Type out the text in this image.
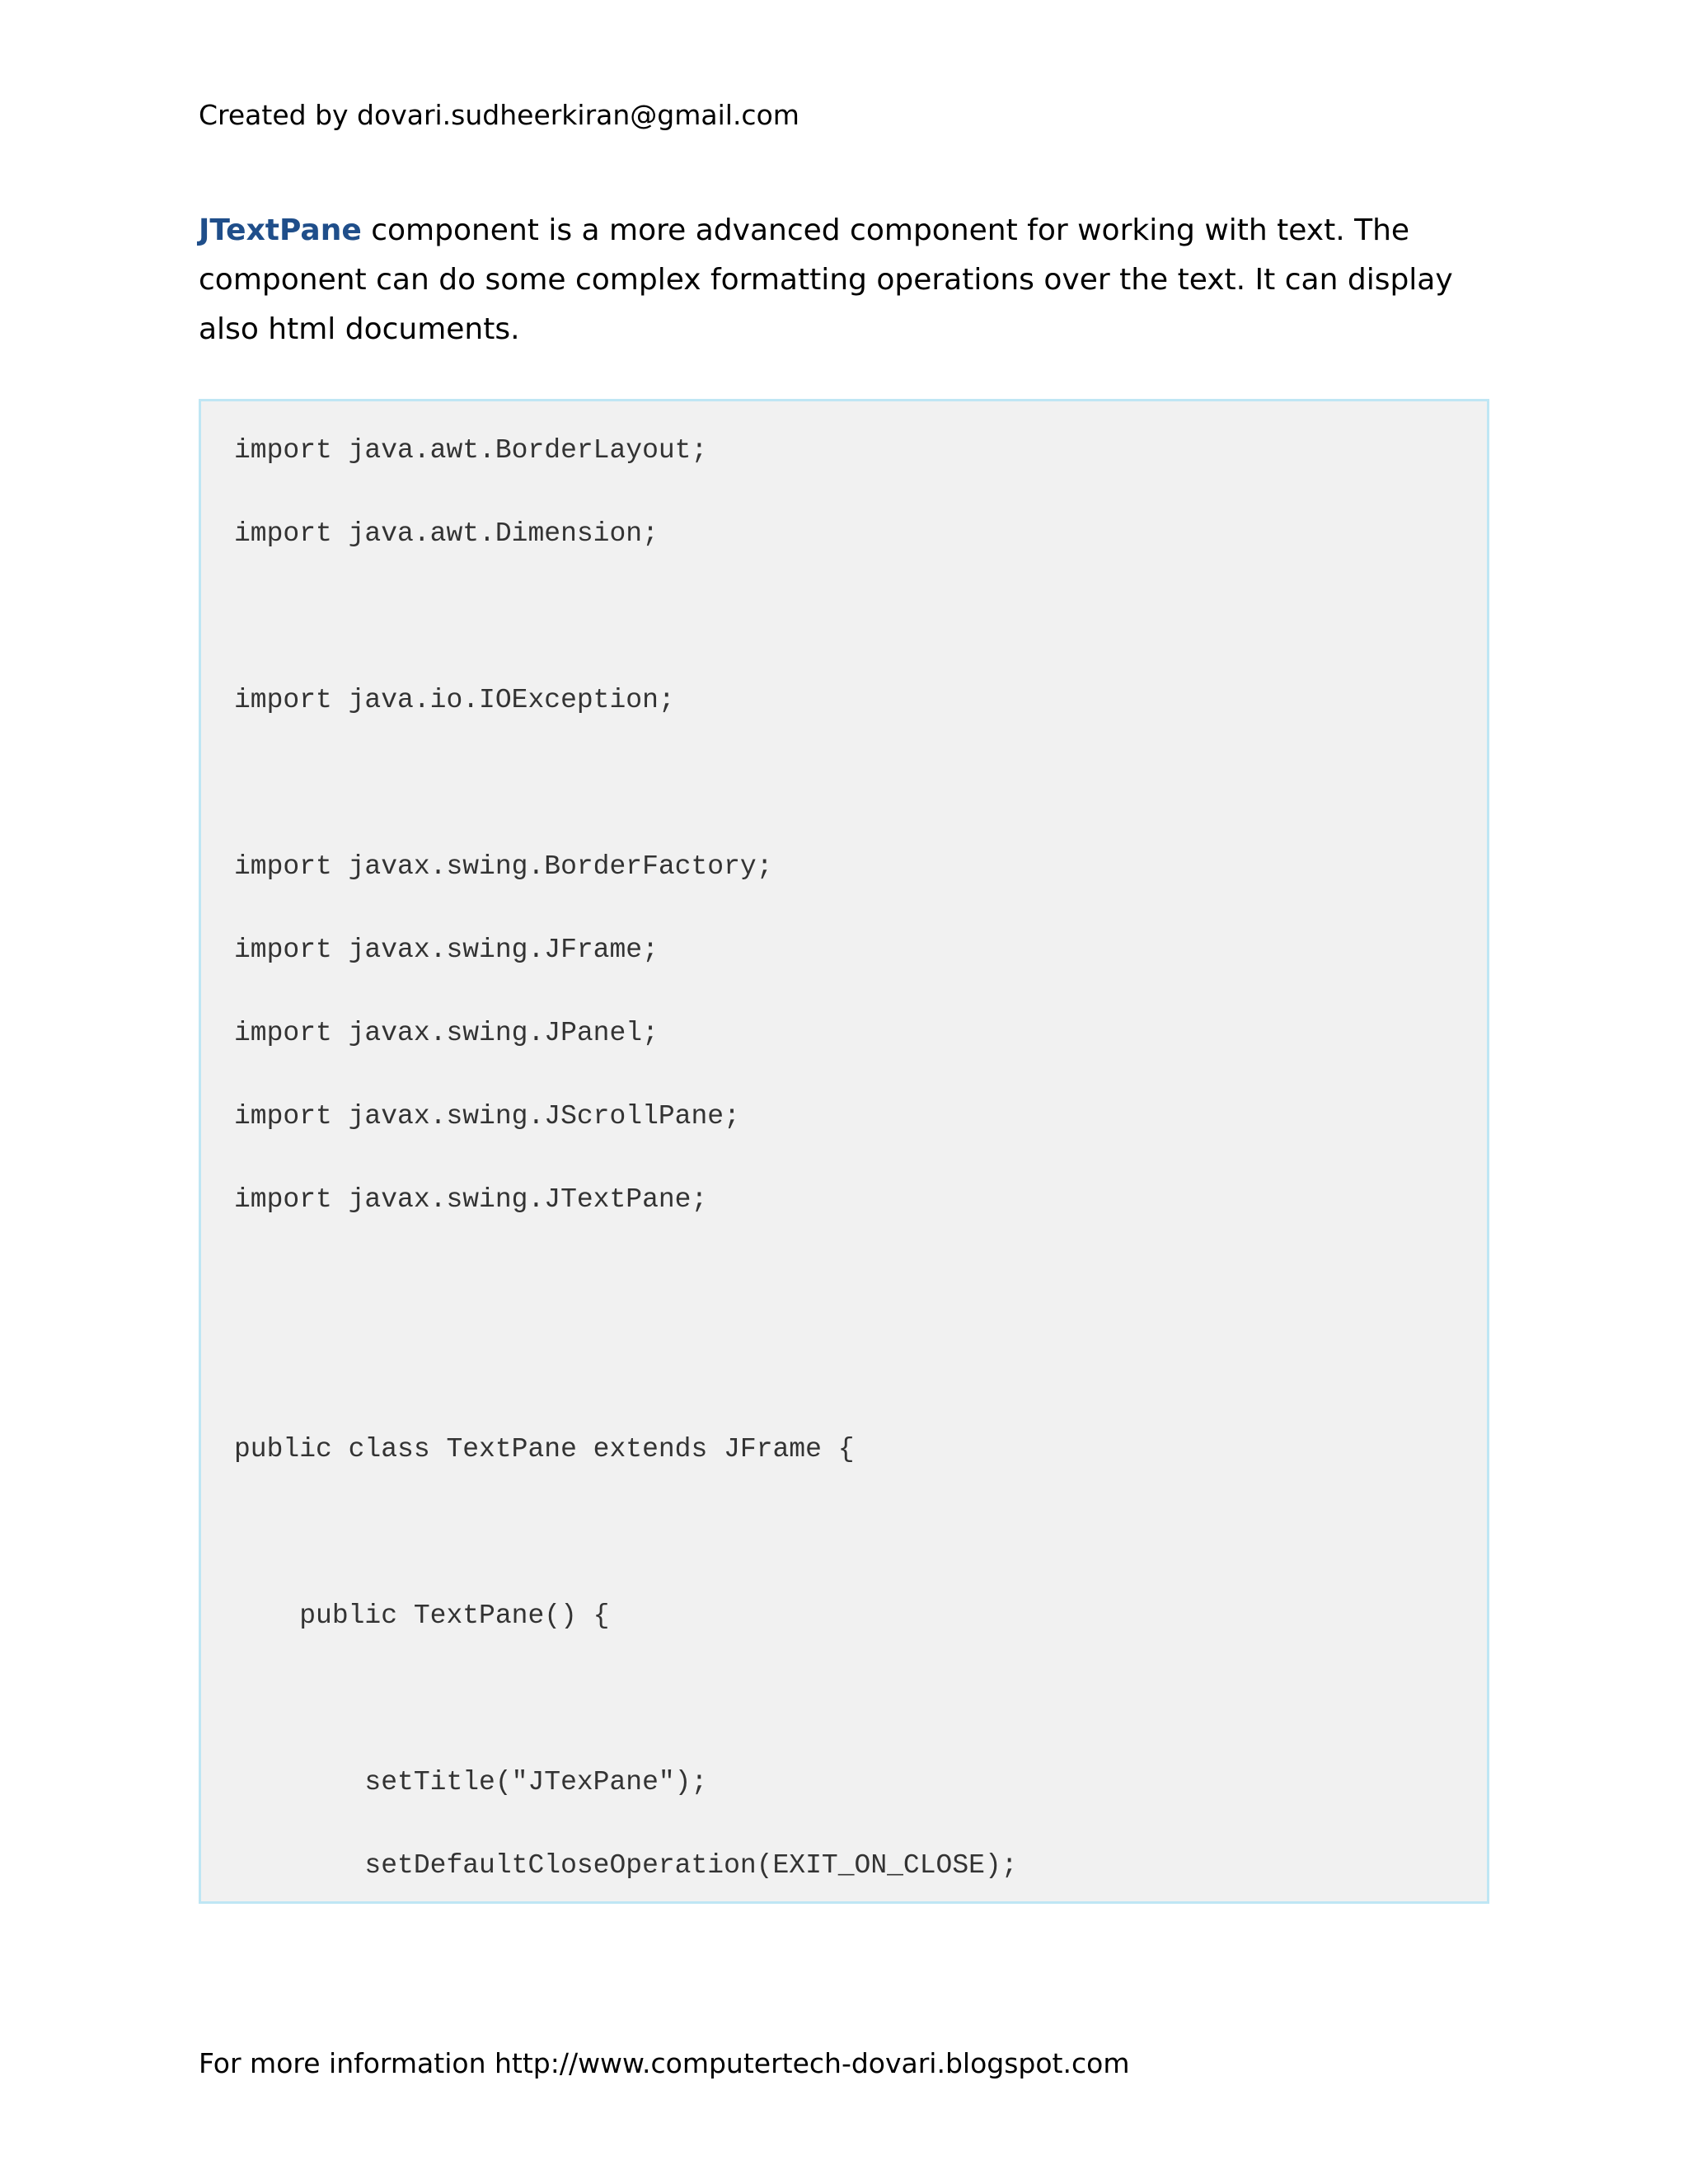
Created by dovari.sudheerkiran@gmail.com
JTextPane component is a more advanced component for working with text. The component can do some complex formatting operations over the text. It can display also html documents.
import java.awt.BorderLayout;
import java.awt.Dimension;
import java.io.IOException;
import javax.swing.BorderFactory;
import javax.swing.JFrame;
import javax.swing.JPanel;
import javax.swing.JScrollPane;
import javax.swing.JTextPane;
public class TextPane extends JFrame {
public TextPane() {
setTitle("JTexPane");
setDefaultCloseOperation(EXIT_ON_CLOSE);
For more information http://www.computertech-dovari.blogspot.com
